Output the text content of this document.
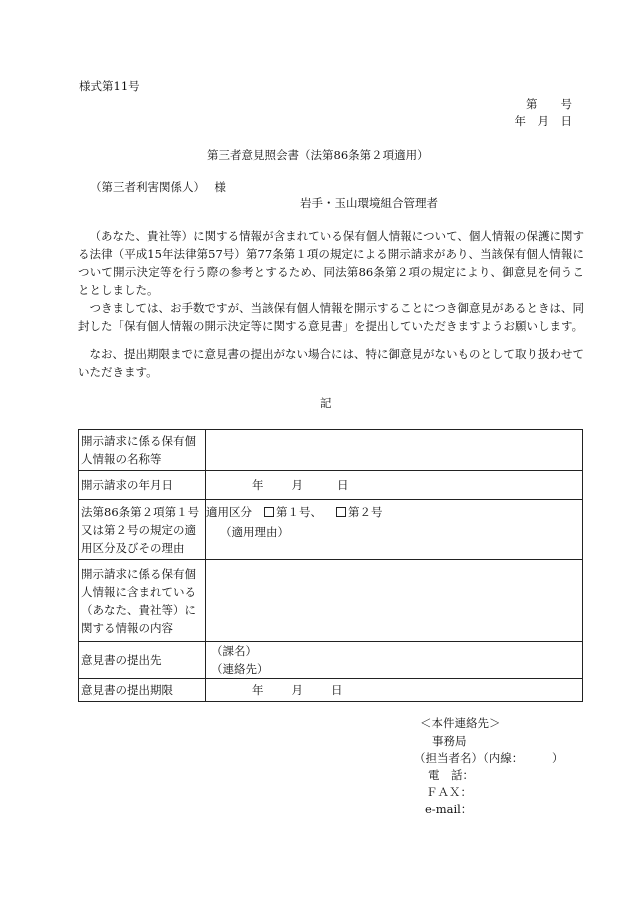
様式第11号
第　　号
年　月　日
第三者意見照会書（法第86条第２項適用）
（第三者利害関係人）　 様
岩手・玉山環境組合管理者
（あなた、貴社等）に関する情報が含まれている保有個人情報について、個人情報の保護に関する法律（平成15年法律第57号）第77条第１項の規定による開示請求があり、当該保有個人情報について開示決定等を行う際の参考とするため、同法第86条第２項の規定により、御意見を伺うこととしました。
つきましては、お手数ですが、当該保有個人情報を開示することにつき御意見があるときは、同封した「保有個人情報の開示決定等に関する意見書」を提出していただきますようお願いします。
なお、提出期限までに意見書の提出がない場合には、特に御意見がないものとして取り扱わせていただきます。
記
開示請求に係る保有個人情報の名称等	
開示請求の年月日	年 月 日
法第86条第２項第１号又は第２号の規定の適用区分及びその理由	適用区分 第１号、 第２号
（適用理由）

開示請求に係る保有個人情報に含まれている（あなた、貴社等）に関する情報の内容	
意見書の提出先	（課名）
（連絡先）

意見書の提出期限	年 月 日
＜本件連絡先＞
事務局
（担当者名）（内線：　　　）
電　話：
ＦＡＸ：
e-mail：
